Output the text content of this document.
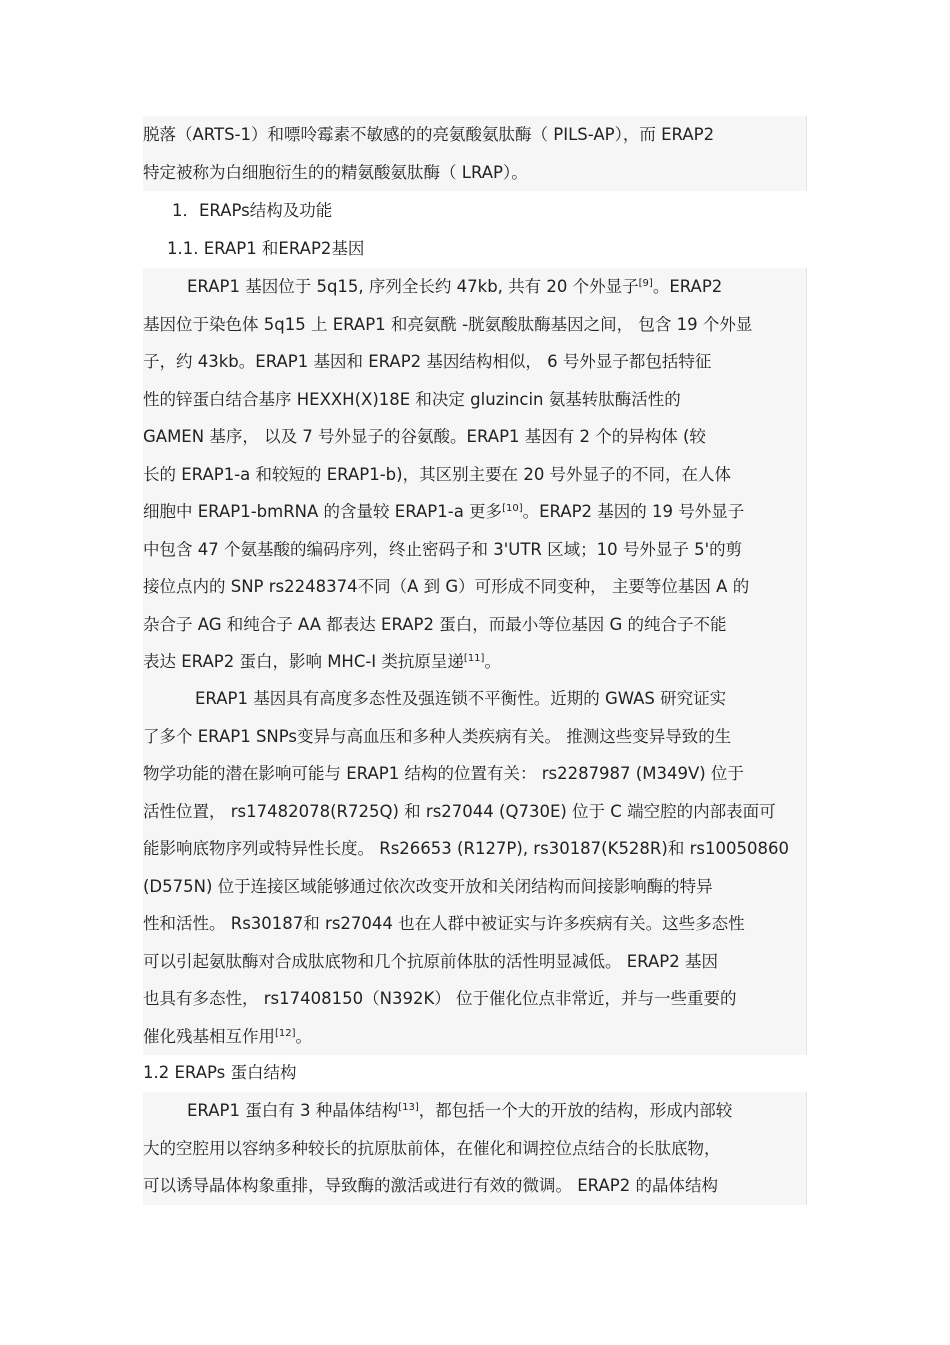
脱落（ARTS-1）和嘌呤霉素不敏感的的亮氨酸氨肽酶（ PILS-AP），而 ERAP2
特定被称为白细胞衍生的的精氨酸氨肽酶（ LRAP）。
1．ERAPs结构及功能
1.1. ERAP1 和ERAP2基因
ERAP1 基因位于 5q15, 序列全长约 47kb, 共有 20 个外显子[9]。ERAP2
基因位于染色体 5q15 上 ERAP1 和亮氨酰 -胱氨酸肽酶基因之间， 包含 19 个外显
子，约 43kb。ERAP1 基因和 ERAP2 基因结构相似， 6 号外显子都包括特征
性的锌蛋白结合基序 HEXXH(X)18E 和决定 gluzincin 氨基转肽酶活性的
GAMEN 基序， 以及 7 号外显子的谷氨酸。ERAP1 基因有 2 个的异构体 (较
长的 ERAP1-a 和较短的 ERAP1-b)，其区别主要在 20 号外显子的不同，在人体
细胞中 ERAP1-bmRNA 的含量较 ERAP1-a 更多[10]。ERAP2 基因的 19 号外显子
中包含 47 个氨基酸的编码序列，终止密码子和 3'UTR 区域；10 号外显子 5'的剪
接位点内的 SNP rs2248374不同（A 到 G）可形成不同变种， 主要等位基因 A 的
杂合子 AG 和纯合子 AA 都表达 ERAP2 蛋白，而最小等位基因 G 的纯合子不能
表达 ERAP2 蛋白，影响 MHC-I 类抗原呈递[11]。
ERAP1 基因具有高度多态性及强连锁不平衡性。近期的 GWAS 研究证实
了多个 ERAP1 SNPs变异与高血压和多种人类疾病有关。 推测这些变异导致的生
物学功能的潜在影响可能与 ERAP1 结构的位置有关： rs2287987 (M349V) 位于
活性位置， rs17482078(R725Q) 和 rs27044 (Q730E) 位于 C 端空腔的内部表面可
能影响底物序列或特异性长度。 Rs26653 (R127P), rs30187(K528R)和 rs10050860
(D575N) 位于连接区域能够通过依次改变开放和关闭结构而间接影响酶的特异
性和活性。 Rs30187和 rs27044 也在人群中被证实与许多疾病有关。这些多态性
可以引起氨肽酶对合成肽底物和几个抗原前体肽的活性明显减低。 ERAP2 基因
也具有多态性， rs17408150（N392K） 位于催化位点非常近，并与一些重要的
催化残基相互作用[12]。
1.2 ERAPs 蛋白结构
ERAP1 蛋白有 3 种晶体结构[13]，都包括一个大的开放的结构，形成内部较
大的空腔用以容纳多种较长的抗原肽前体，在催化和调控位点结合的长肽底物，
可以诱导晶体构象重排，导致酶的激活或进行有效的微调。 ERAP2 的晶体结构
